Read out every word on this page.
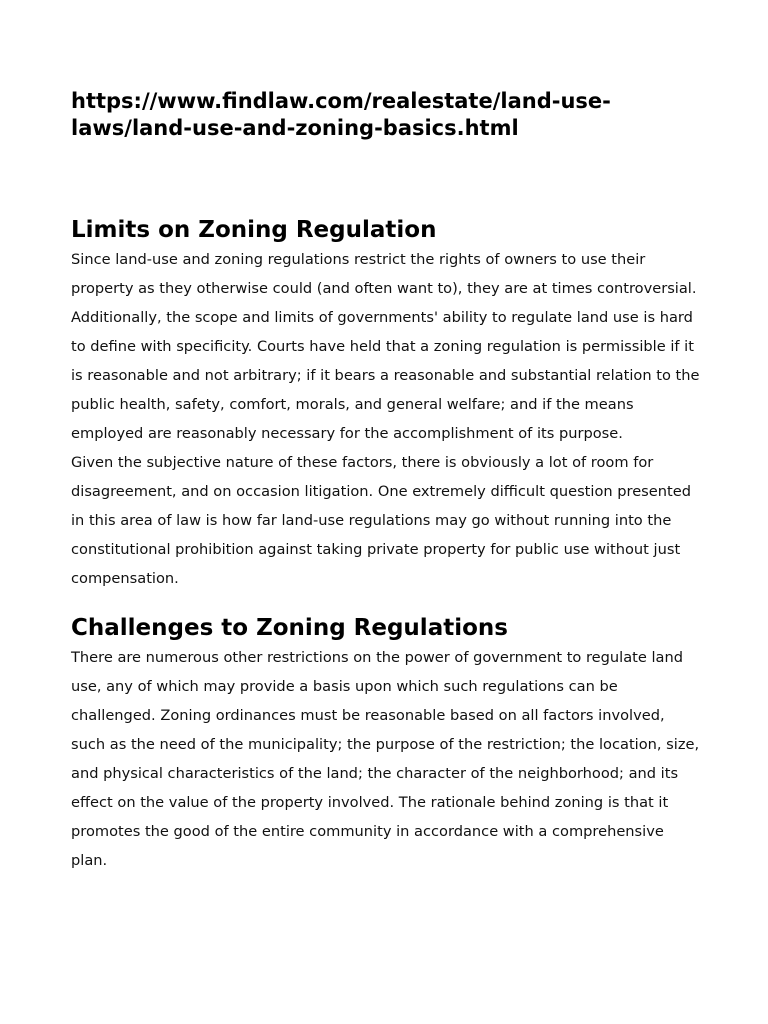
https://www.findlaw.com/realestate/land-use-laws/land-use-and-zoning-basics.html
Limits on Zoning Regulation

Since land-use and zoning regulations restrict the rights of owners to use their property as they otherwise could (and often want to), they are at times controversial. Additionally, the scope and limits of governments' ability to regulate land use is hard to define with specificity. Courts have held that a zoning regulation is permissible if it is reasonable and not arbitrary; if it bears a reasonable and substantial relation to the public health, safety, comfort, morals, and general welfare; and if the means employed are reasonably necessary for the accomplishment of its purpose.

Given the subjective nature of these factors, there is obviously a lot of room for disagreement, and on occasion litigation. One extremely difficult question presented in this area of law is how far land-use regulations may go without running into the constitutional prohibition against taking private property for public use without just compensation.

Challenges to Zoning Regulations

There are numerous other restrictions on the power of government to regulate land use, any of which may provide a basis upon which such regulations can be challenged. Zoning ordinances must be reasonable based on all factors involved, such as the need of the municipality; the purpose of the restriction; the location, size, and physical characteristics of the land; the character of the neighborhood; and its effect on the value of the property involved. The rationale behind zoning is that it promotes the good of the entire community in accordance with a comprehensive plan.
